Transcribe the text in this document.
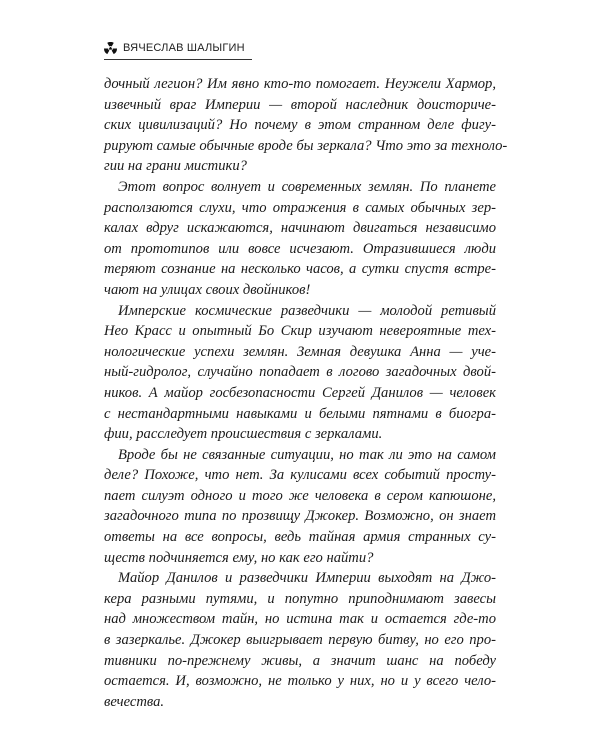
ВЯЧЕСЛАВ ШАЛЫГИН

дочный легион? Им явно кто-то помогает. Неужели Хармор,
извечный враг Империи — второй наследник доисториче-
ских цивилизаций? Но почему в этом странном деле фигу-
рируют самые обычные вроде бы зеркала? Что это за техноло-
гии на грани мистики?

Этот вопрос волнует и современных землян. По планете
расползаются слухи, что отражения в самых обычных зер-
калах вдруг искажаются, начинают двигаться независимо
от прототипов или вовсе исчезают. Отразившиеся люди
теряют сознание на несколько часов, а сутки спустя встре-
чают на улицах своих двойников!

Имперские космические разведчики — молодой ретивый
Нео Красс и опытный Бо Скир изучают невероятные тех-
нологические успехи землян. Земная девушка Анна — уче-
ный-гидролог, случайно попадает в логово загадочных двой-
ников. А майор госбезопасности Сергей Данилов — человек
с нестандартными навыками и белыми пятнами в биогра-
фии, расследует происшествия с зеркалами.

Вроде бы не связанные ситуации, но так ли это на самом
деле? Похоже, что нет. За кулисами всех событий просту-
пает силуэт одного и того же человека в сером капюшоне,
загадочного типа по прозвищу Джокер. Возможно, он знает
ответы на все вопросы, ведь тайная армия странных су-
ществ подчиняется ему, но как его найти?

Майор Данилов и разведчики Империи выходят на Джо-
кера разными путями, и попутно приподнимают завесы
над множеством тайн, но истина так и остается где-то
в зазеркалье. Джокер выигрывает первую битву, но его про-
тивники по-прежнему живы, а значит шанс на победу
остается. И, возможно, не только у них, но и у всего чело-
вечества.
